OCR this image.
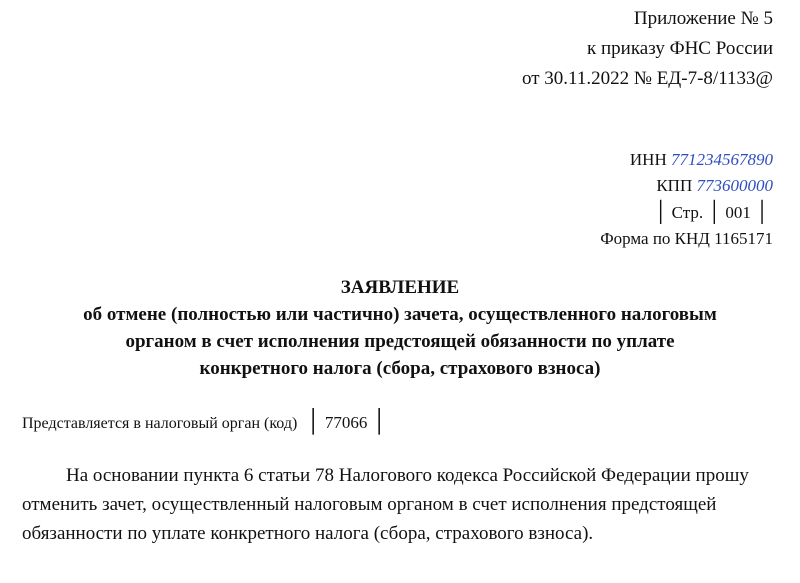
Приложение № 5
к приказу ФНС России
от 30.11.2022 № ЕД-7-8/1133@
ИНН 771234567890
КПП 773600000
│ Стр. │ 001 │
Форма по КНД 1165171
ЗАЯВЛЕНИЕ
об отмене (полностью или частично) зачета, осуществленного налоговым
органом в счет исполнения предстоящей обязанности по уплате
конкретного налога (сбора, страхового взноса)
Представляется в налоговый орган (код) │ 77066 │
На основании пункта 6 статьи 78 Налогового кодекса Российской Федерации прошу отменить зачет, осуществленный налоговым органом в счет исполнения предстоящей обязанности по уплате конкретного налога (сбора, страхового взноса).
